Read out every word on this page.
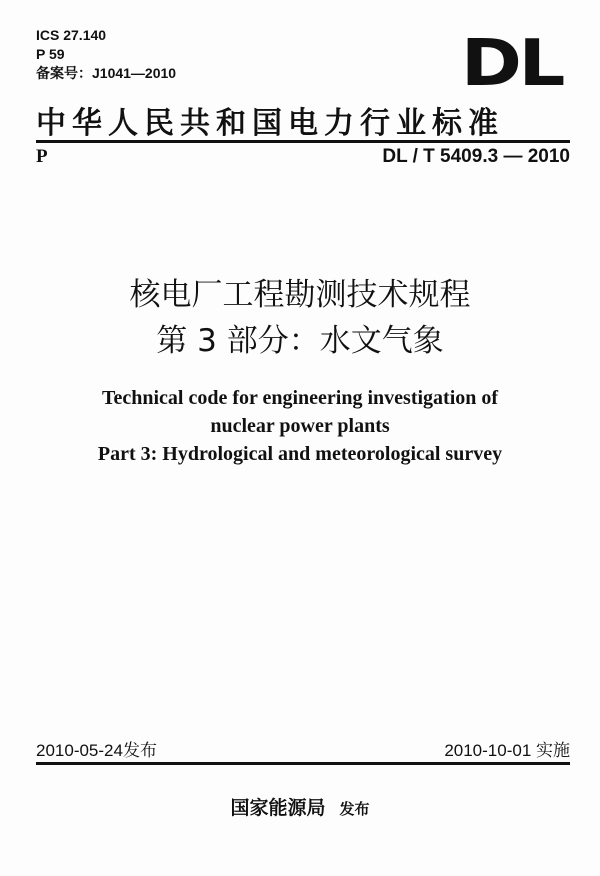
ICS 27.140
P 59
备案号：J1041—2010	DL
中华人民共和国电力行业标准
P	DL / T 5409.3 — 2010
核电厂工程勘测技术规程
第 3 部分：水文气象
Technical code for engineering investigation of
nuclear power plants
Part 3: Hydrological and meteorological survey
2010-05-24发布	2010-10-01 实施
国家能源局 发布
